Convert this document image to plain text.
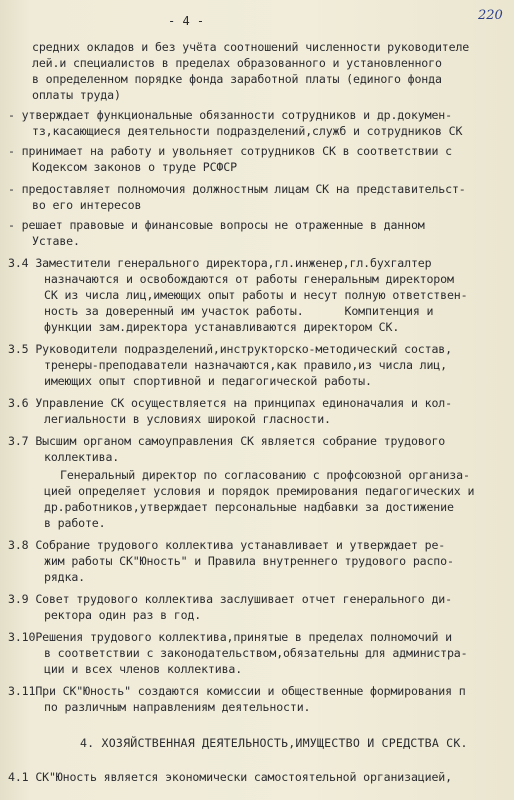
- 4 -	220
средних окладов и без учёта соотношений численности руководителе
лей.и специалистов в пределах образованного и установленного
в определенном порядке фонда заработной платы (единого фонда
оплаты труда)
- утверждает функциональные обязанности сотрудников и др.докумен-
тз,касающиеся деятельности подразделений,служб и сотрудников СК
- принимает на работу и увольняет сотрудников СК в соответствии с
Кодексом законов о труде РСФСР
- предоставляет полномочия должностным лицам СК на представительст-
во его интересов
- решает правовые и финансовые вопросы не отраженные в данном
Уставе.
3.4 Заместители генерального директора,гл.инженер,гл.бухгалтер
назначаются и освобождаются от работы генеральным директором
СК из числа лиц,имеющих опыт работы и несут полную ответствен-
ность за доверенный им участок работы.      Компитенция и
функции зам.директора устанавливаются директором СК.
3.5 Руководители подразделений,инструкторско-методический состав,
тренеры-преподаватели назначаются,как правило,из числа лиц,
имеющих опыт спортивной и педагогической работы.
3.6 Управление СК осуществляется на принципах единоначалия и кол-
легиальности в условиях широкой гласности.
3.7 Высшим органом самоуправления СК является собрание трудового
коллектива.
Генеральный директор по согласованию с профсоюзной организа-
цией определяет условия и порядок премирования педагогических и
др.работников,утверждает персональные надбавки за достижение
в работе.
3.8 Собрание трудового коллектива устанавливает и утверждает ре-
жим работы СК"Юность" и Правила внутреннего трудового распо-
рядка.
3.9 Совет трудового коллектива заслушивает отчет генерального ди-
ректора один раз в год.
3.10Решения трудового коллектива,принятые в пределах полномочий и
в соответствии с законодательством,обязательны для администра-
ции и всех членов коллектива.
3.11При СК"Юность" создаются комиссии и общественные формирования п
по различным направлениям деятельности.
4. ХОЗЯЙСТВЕННАЯ ДЕЯТЕЛЬНОСТЬ,ИМУЩЕСТВО И СРЕДСТВА СК.
4.1 СК"Юность является экономически самостоятельной организацией,
